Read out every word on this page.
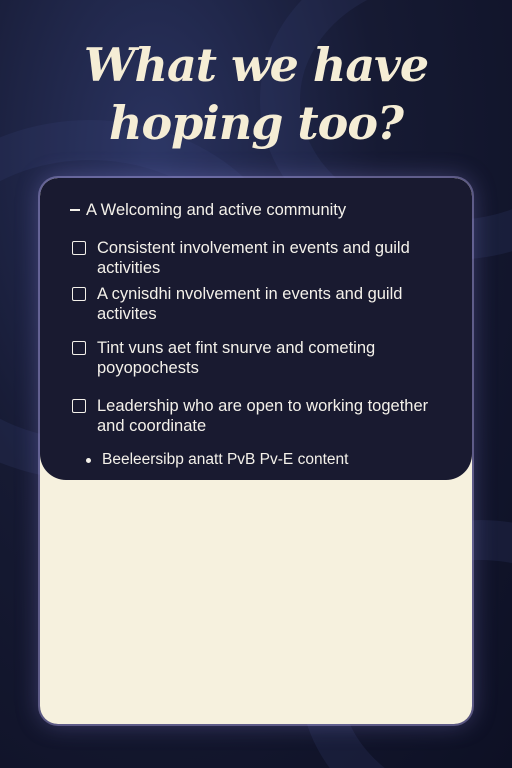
What we have
hoping too?
A Welcoming and active community
Consistent involvement in events and guild activities
A cynisdhi nvolvement in events and guild activites
Tint vuns aet fint snurve and cometing poyopochests
Leadership who are open to working together and coordinate
Beeleersibp anatt PvB Pv-E content
